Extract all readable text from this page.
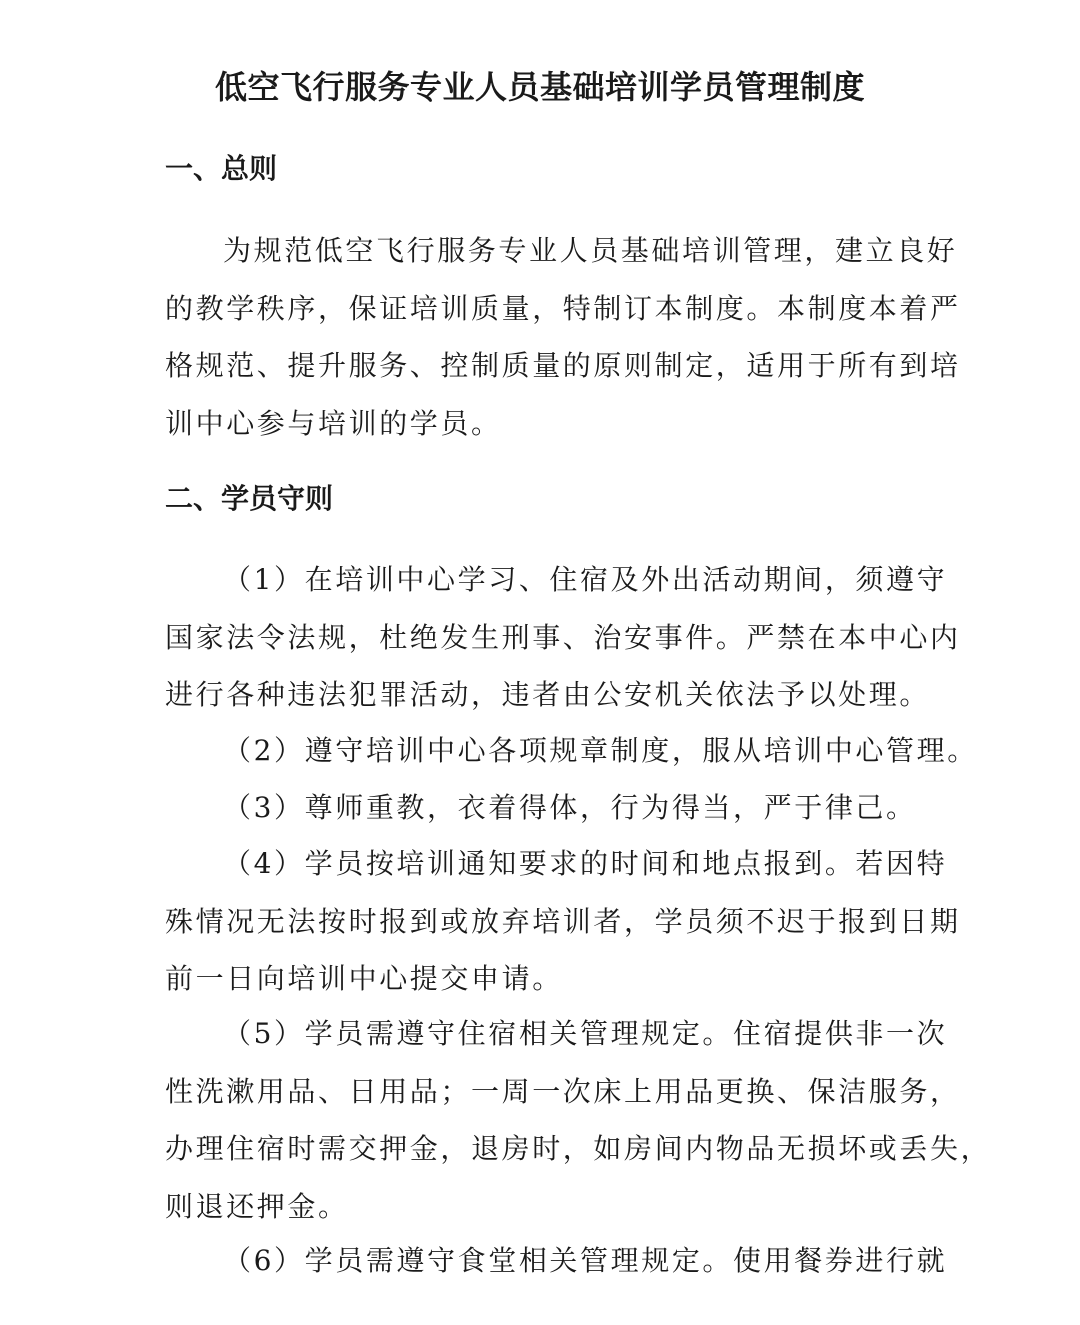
低空飞行服务专业人员基础培训学员管理制度
一、总则
为规范低空飞行服务专业人员基础培训管理，建立良好
的教学秩序，保证培训质量，特制订本制度。本制度本着严
格规范、提升服务、控制质量的原则制定，适用于所有到培
训中心参与培训的学员。
二、学员守则
（1）在培训中心学习、住宿及外出活动期间，须遵守
国家法令法规，杜绝发生刑事、治安事件。严禁在本中心内
进行各种违法犯罪活动，违者由公安机关依法予以处理。
（2）遵守培训中心各项规章制度，服从培训中心管理。
（3）尊师重教，衣着得体，行为得当，严于律己。
（4）学员按培训通知要求的时间和地点报到。若因特
殊情况无法按时报到或放弃培训者，学员须不迟于报到日期
前一日向培训中心提交申请。
（5）学员需遵守住宿相关管理规定。住宿提供非一次
性洗漱用品、日用品；一周一次床上用品更换、保洁服务，
办理住宿时需交押金，退房时，如房间内物品无损坏或丢失，
则退还押金。
（6）学员需遵守食堂相关管理规定。使用餐券进行就
